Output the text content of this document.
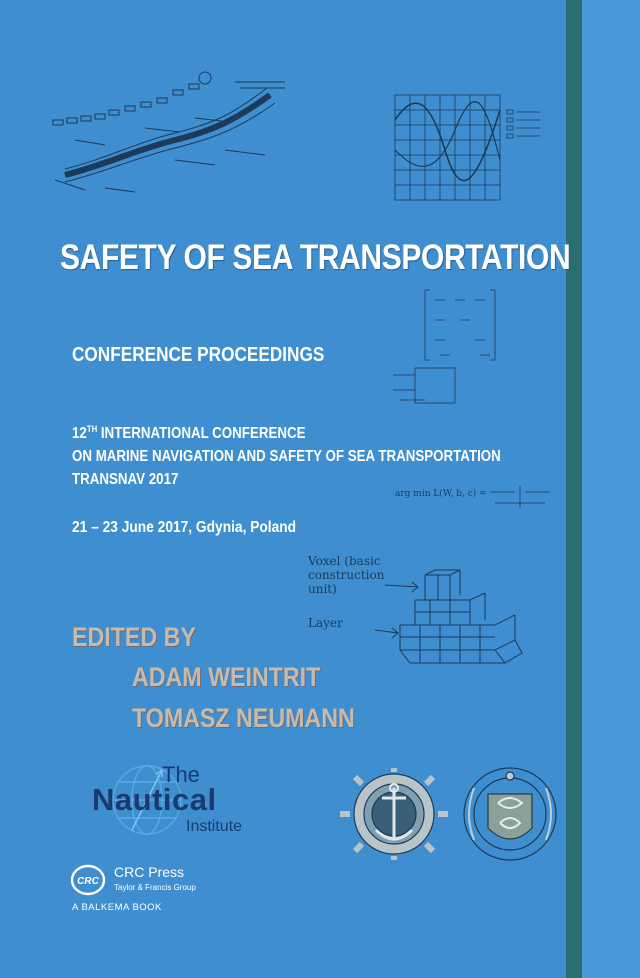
arg min L(W, b, c) =
Voxel (basic
construction
unit)
Layer
SAFETY OF SEA TRANSPORTATION
CONFERENCE PROCEEDINGS
12TH INTERNATIONAL CONFERENCE
ON MARINE NAVIGATION AND SAFETY OF SEA TRANSPORTATION
TRANSNAV 2017
21 – 23 June 2017, Gdynia, Poland
EDITED BY
ADAM WEINTRIT
TOMASZ NEUMANN
The
Nautical
Institute
CRC
CRC Press
Taylor & Francis Group
A BALKEMA BOOK
